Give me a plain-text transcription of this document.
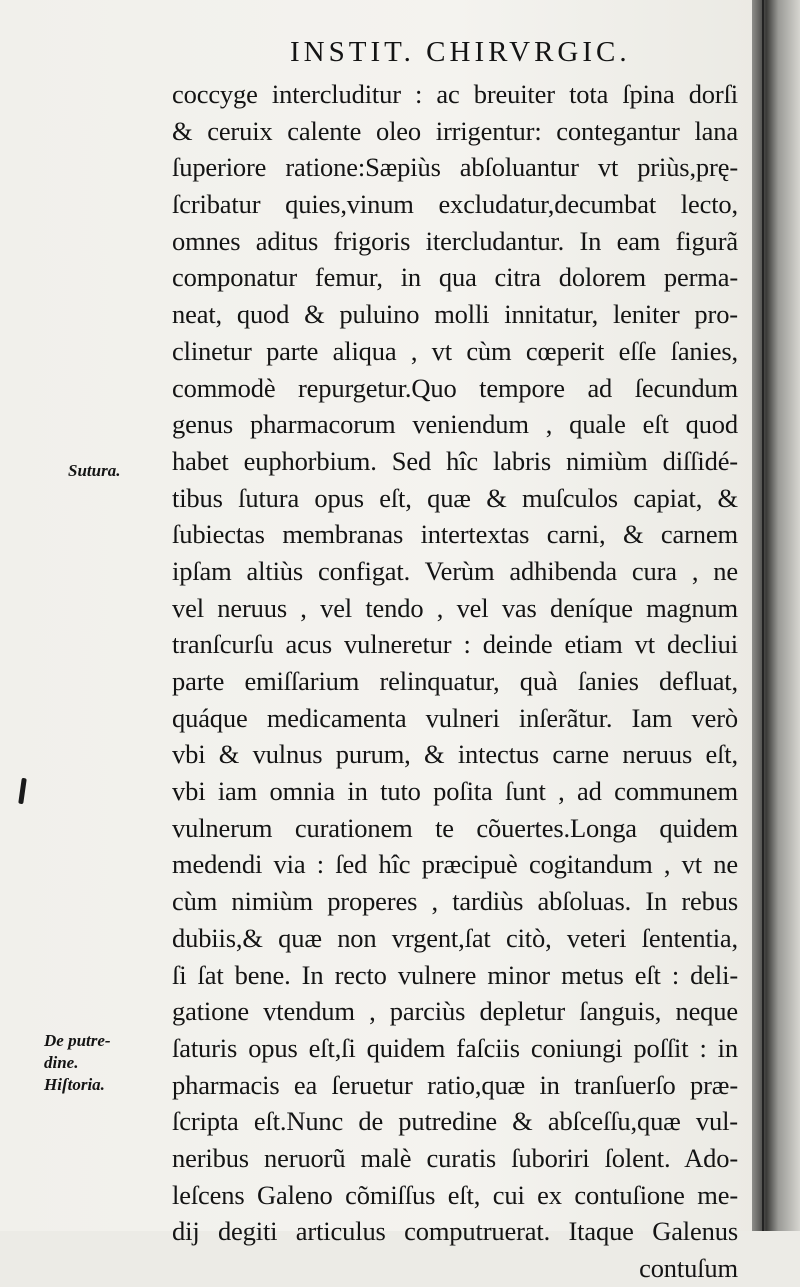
INSTIT. CHIRVRGIC.
coccyge intercluditur : ac breuiter tota ſpina dorſi
& ceruix calente oleo irrigentur: contegantur lana
ſuperiore ratione:Sæpiùs abſoluantur vt priùs,prę-
ſcribatur quies,vinum excludatur,decumbat lecto,
omnes aditus frigoris itercludantur. In eam figurã
componatur femur, in qua citra dolorem perma-
neat, quod & puluino molli innitatur, leniter pro-
clinetur parte aliqua , vt cùm cœperit eſſe ſanies,
commodè repurgetur.Quo tempore ad ſecundum
genus pharmacorum veniendum , quale eſt quod
habet euphorbium. Sed hîc labris nimiùm diſſidé-
tibus ſutura opus eſt, quæ & muſculos capiat, &
ſubiectas membranas intertextas carni, & carnem
ipſam altiùs configat. Verùm adhibenda cura , ne
vel neruus , vel tendo , vel vas deníque magnum
tranſcurſu acus vulneretur : deinde etiam vt decliui
parte emiſſarium relinquatur, quà ſanies defluat,
quáque medicamenta vulneri inſerãtur. Iam verò
vbi & vulnus purum, & intectus carne neruus eſt,
vbi iam omnia in tuto poſita ſunt , ad communem
vulnerum curationem te cõuertes.Longa quidem
medendi via : ſed hîc præcipuè cogitandum , vt ne
cùm nimiùm properes , tardiùs abſoluas. In rebus
dubiis,& quæ non vrgent,ſat citò, veteri ſententia,
ſi ſat bene. In recto vulnere minor metus eſt : deli-
gatione vtendum , parciùs depletur ſanguis, neque
ſaturis opus eſt,ſi quidem faſciis coniungi poſſit : in
pharmacis ea ſeruetur ratio,quæ in tranſuerſo præ-
ſcripta eſt.Nunc de putredine & abſceſſu,quæ vul-
neribus neruorũ malè curatis ſuboriri ſolent. Ado-
leſcens Galeno cõmiſſus eſt, cui ex contuſione me-
dij degiti articulus computruerat. Itaque Galenus
contuſum
Sutura.
De putre-
dine.
Hiſtoria.
